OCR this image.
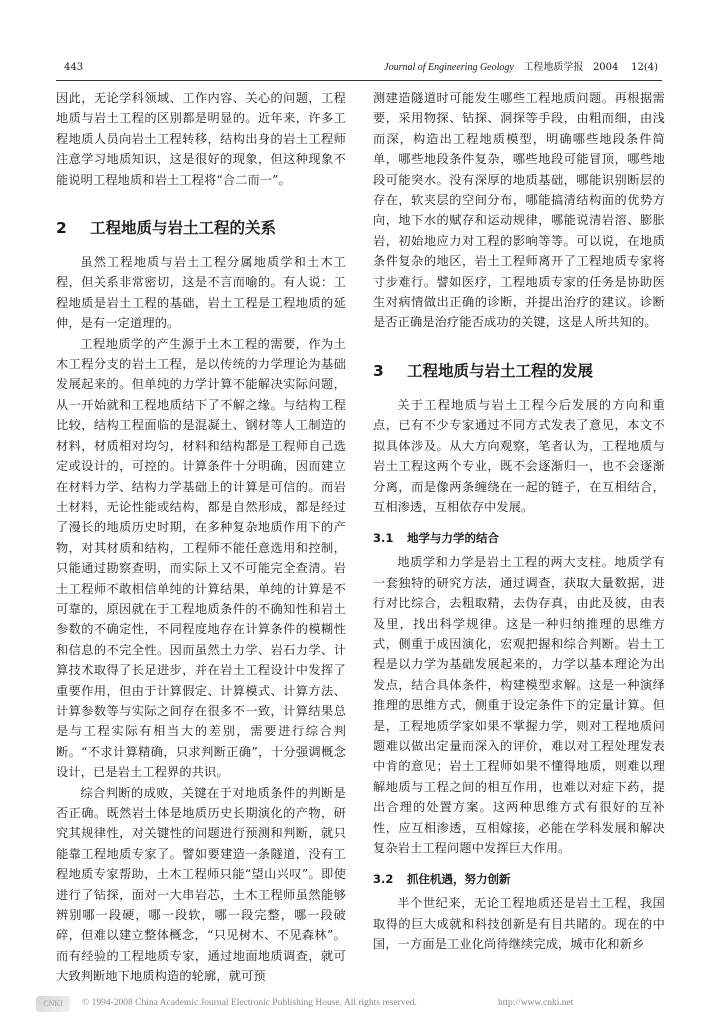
443	Journal of Engineering Geology 工程地质学报 2004 12(4)

因此，无论学科领域、工作内容、关心的问题，工程地质与岩土工程的区别都是明显的。近年来，许多工程地质人员向岩土工程转移，结构出身的岩土工程师注意学习地质知识，这是很好的现象，但这种现象不能说明工程地质和岩土工程将“合二而一”。

2 工程地质与岩土工程的关系

虽然工程地质与岩土工程分属地质学和土木工程，但关系非常密切，这是不言而喻的。有人说：工程地质是岩土工程的基础，岩土工程是工程地质的延伸，是有一定道理的。

工程地质学的产生源于土木工程的需要，作为土木工程分支的岩土工程，是以传统的力学理论为基础发展起来的。但单纯的力学计算不能解决实际问题，从一开始就和工程地质结下了不解之缘。与结构工程比较，结构工程面临的是混凝土、钢材等人工制造的材料，材质相对均匀，材料和结构都是工程师自己选定或设计的，可控的。计算条件十分明确，因而建立在材料力学、结构力学基础上的计算是可信的。而岩土材料，无论性能或结构，都是自然形成，都是经过了漫长的地质历史时期，在多种复杂地质作用下的产物，对其材质和结构，工程师不能任意选用和控制，只能通过勘察查明，而实际上又不可能完全查清。岩土工程师不敢相信单纯的计算结果，单纯的计算是不可靠的，原因就在于工程地质条件的不确知性和岩土参数的不确定性，不同程度地存在计算条件的模糊性和信息的不完全性。因而虽然土力学、岩石力学、计算技术取得了长足进步，并在岩土工程设计中发挥了重要作用，但由于计算假定、计算模式、计算方法、计算参数等与实际之间存在很多不一致，计算结果总是与工程实际有相当大的差别，需要进行综合判断。“不求计算精确，只求判断正确”，十分强调概念设计，已是岩土工程界的共识。

综合判断的成败，关键在于对地质条件的判断是否正确。既然岩土体是地质历史长期演化的产物，研究其规律性，对关键性的问题进行预测和判断，就只能靠工程地质专家了。譬如要建造一条隧道，没有工程地质专家帮助，土木工程师只能“望山兴叹”。即使进行了钻探，面对一大串岩芯，土木工程师虽然能够辨别哪一段硬，哪一段软，哪一段完整，哪一段破碎，但难以建立整体概念，“只见树木、不见森林”。而有经验的工程地质专家，通过地面地质调查，就可大致判断地下地质构造的轮廓，就可预

测建造隧道时可能发生哪些工程地质问题。再根据需要，采用物探、钻探、洞探等手段，由粗而细，由浅而深，构造出工程地质模型，明确哪些地段条件简单，哪些地段条件复杂，哪些地段可能冒顶，哪些地段可能突水。没有深厚的地质基础，哪能识别断层的存在，软夹层的空间分布，哪能搞清结构面的优势方向，地下水的赋存和运动规律，哪能说清岩溶、膨胀岩，初始地应力对工程的影响等等。可以说，在地质条件复杂的地区，岩土工程师离开了工程地质专家将寸步难行。譬如医疗，工程地质专家的任务是协助医生对病情做出正确的诊断，并提出治疗的建议。诊断是否正确是治疗能否成功的关键，这是人所共知的。

3 工程地质与岩土工程的发展

关于工程地质与岩土工程今后发展的方向和重点，已有不少专家通过不同方式发表了意见，本文不拟具体涉及。从大方向观察，笔者认为，工程地质与岩土工程这两个专业，既不会逐渐归一，也不会逐渐分离，而是像两条缠绕在一起的链子，在互相结合，互相渗透，互相依存中发展。

3.1 地学与力学的结合

地质学和力学是岩土工程的两大支柱。地质学有一套独特的研究方法，通过调查，获取大量数据，进行对比综合，去粗取精，去伪存真，由此及彼，由表及里，找出科学规律。这是一种归纳推理的思维方式，侧重于成因演化，宏观把握和综合判断。岩土工程是以力学为基础发展起来的，力学以基本理论为出发点，结合具体条件，构建模型求解。这是一种演绎推理的思维方式，侧重于设定条件下的定量计算。但是，工程地质学家如果不掌握力学，则对工程地质问题难以做出定量而深入的评价，难以对工程处理发表中肯的意见；岩土工程师如果不懂得地质，则难以理解地质与工程之间的相互作用，也难以对症下药，提出合理的处置方案。这两种思维方式有很好的互补性，应互相渗透，互相嫁接，必能在学科发展和解决复杂岩土工程问题中发挥巨大作用。

3.2 抓住机遇，努力创新

半个世纪来，无论工程地质还是岩土工程，我国取得的巨大成就和科技创新是有目共睹的。现在的中国，一方面是工业化尚待继续完成，城市化和新乡

CNKI	© 1994-2008 China Academic Journal Electronic Publishing House. All rights reserved.	http://www.cnki.net
